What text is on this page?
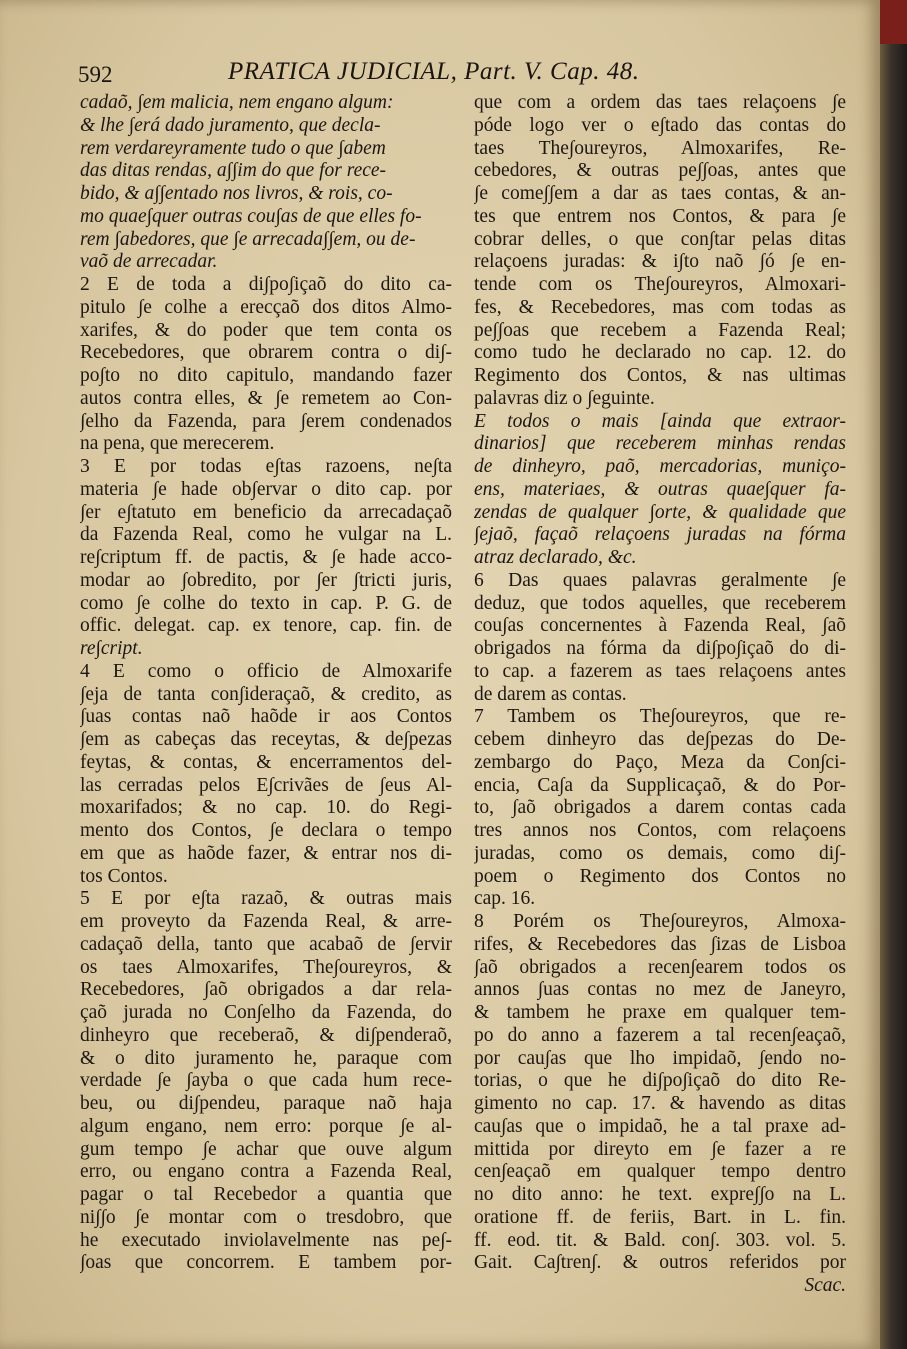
592	PRATICA JUDICIAL, Part. V. Cap. 48.
cadaõ, ∫em malicia, nem engano algum:
& lhe ∫erá dado juramento, que decla-
rem verdareyramente tudo o que ∫abem
das ditas rendas, a∫∫im do que for rece-
bido, & a∫∫entado nos livros, & rois, co-
mo quae∫quer outras cou∫as de que elles fo-
rem ∫abedores, que ∫e arrecada∫∫em, ou de-
vaõ de arrecadar.
2 E de toda a di∫po∫içaõ do dito ca-
pitulo ∫e colhe a erecçaõ dos ditos Almo-
xarifes, & do poder que tem conta os
Recebedores, que obrarem contra o di∫-
po∫to no dito capitulo, mandando fazer
autos contra elles, & ∫e remetem ao Con-
∫elho da Fazenda, para ∫erem condenados
na pena, que merecerem.
3 E por todas e∫tas razoens, ne∫ta
materia ∫e hade ob∫ervar o dito cap. por
∫er e∫tatuto em beneficio da arrecadaçaõ
da Fazenda Real, como he vulgar na L.
re∫criptum ff. de pactis, & ∫e hade acco-
modar ao ∫obredito, por ∫er ∫tricti juris,
como ∫e colhe do texto in cap. P. G. de
offic. delegat. cap. ex tenore, cap. fin. de
re∫cript.
4 E como o officio de Almoxarife
∫eja de tanta con∫ideraçaõ, & credito, as
∫uas contas naõ haõde ir aos Contos
∫em as cabeças das receytas, & de∫pezas
feytas, & contas, & encerramentos del-
las cerradas pelos E∫crivães de ∫eus Al-
moxarifados; & no cap. 10. do Regi-
mento dos Contos, ∫e declara o tempo
em que as haõde fazer, & entrar nos di-
tos Contos.
5 E por e∫ta razaõ, & outras mais
em proveyto da Fazenda Real, & arre-
cadaçaõ della, tanto que acabaõ de ∫ervir
os taes Almoxarifes, The∫oureyros, &
Recebedores, ∫aõ obrigados a dar rela-
çaõ jurada no Con∫elho da Fazenda, do
dinheyro que receberaõ, & di∫penderaõ,
& o dito juramento he, paraque com
verdade ∫e ∫ayba o que cada hum rece-
beu, ou di∫pendeu, paraque naõ haja
algum engano, nem erro: porque ∫e al-
gum tempo ∫e achar que ouve algum
erro, ou engano contra a Fazenda Real,
pagar o tal Recebedor a quantia que
ni∫∫o ∫e montar com o tresdobro, que
he executado inviolavelmente nas pe∫-
∫oas que concorrem. E tambem por-
que com a ordem das taes relaçoens ∫e
póde logo ver o e∫tado das contas do
taes The∫oureyros, Almoxarifes, Re-
cebedores, & outras pe∫∫oas, antes que
∫e come∫∫em a dar as taes contas, & an-
tes que entrem nos Contos, & para ∫e
cobrar delles, o que con∫tar pelas ditas
relaçoens juradas: & i∫to naõ ∫ó ∫e en-
tende com os The∫oureyros, Almoxari-
fes, & Recebedores, mas com todas as
pe∫∫oas que recebem a Fazenda Real;
como tudo he declarado no cap. 12. do
Regimento dos Contos, & nas ultimas
palavras diz o ∫eguinte.
E todos o mais [ainda que extraor-
dinarios] que receberem minhas rendas
de dinheyro, paõ, mercadorias, muniço-
ens, materiaes, & outras quae∫quer fa-
zendas de qualquer ∫orte, & qualidade que
∫ejaõ, façaõ relaçoens juradas na fórma
atraz declarado, &c.
6 Das quaes palavras geralmente ∫e
deduz, que todos aquelles, que receberem
cou∫as concernentes à Fazenda Real, ∫aõ
obrigados na fórma da di∫po∫içaõ do di-
to cap. a fazerem as taes relaçoens antes
de darem as contas.
7 Tambem os The∫oureyros, que re-
cebem dinheyro das de∫pezas do De-
zembargo do Paço, Meza da Con∫ci-
encia, Ca∫a da Supplicaçaõ, & do Por-
to, ∫aõ obrigados a darem contas cada
tres annos nos Contos, com relaçoens
juradas, como os demais, como di∫-
poem o Regimento dos Contos no
cap. 16.
8 Porém os The∫oureyros, Almoxa-
rifes, & Recebedores das ∫izas de Lisboa
∫aõ obrigados a recen∫earem todos os
annos ∫uas contas no mez de Janeyro,
& tambem he praxe em qualquer tem-
po do anno a fazerem a tal recen∫eaçaõ,
por cau∫as que lho impidaõ, ∫endo no-
torias, o que he di∫po∫içaõ do dito Re-
gimento no cap. 17. & havendo as ditas
cau∫as que o impidaõ, he a tal praxe ad-
mittida por direyto em ∫e fazer a re
cen∫eaçaõ em qualquer tempo dentro
no dito anno: he text. expre∫∫o na L.
oratione ff. de feriis, Bart. in L. fin.
ff. eod. tit. & Bald. con∫. 303. vol. 5.
Gait. Ca∫tren∫. & outros referidos por
Scac.
